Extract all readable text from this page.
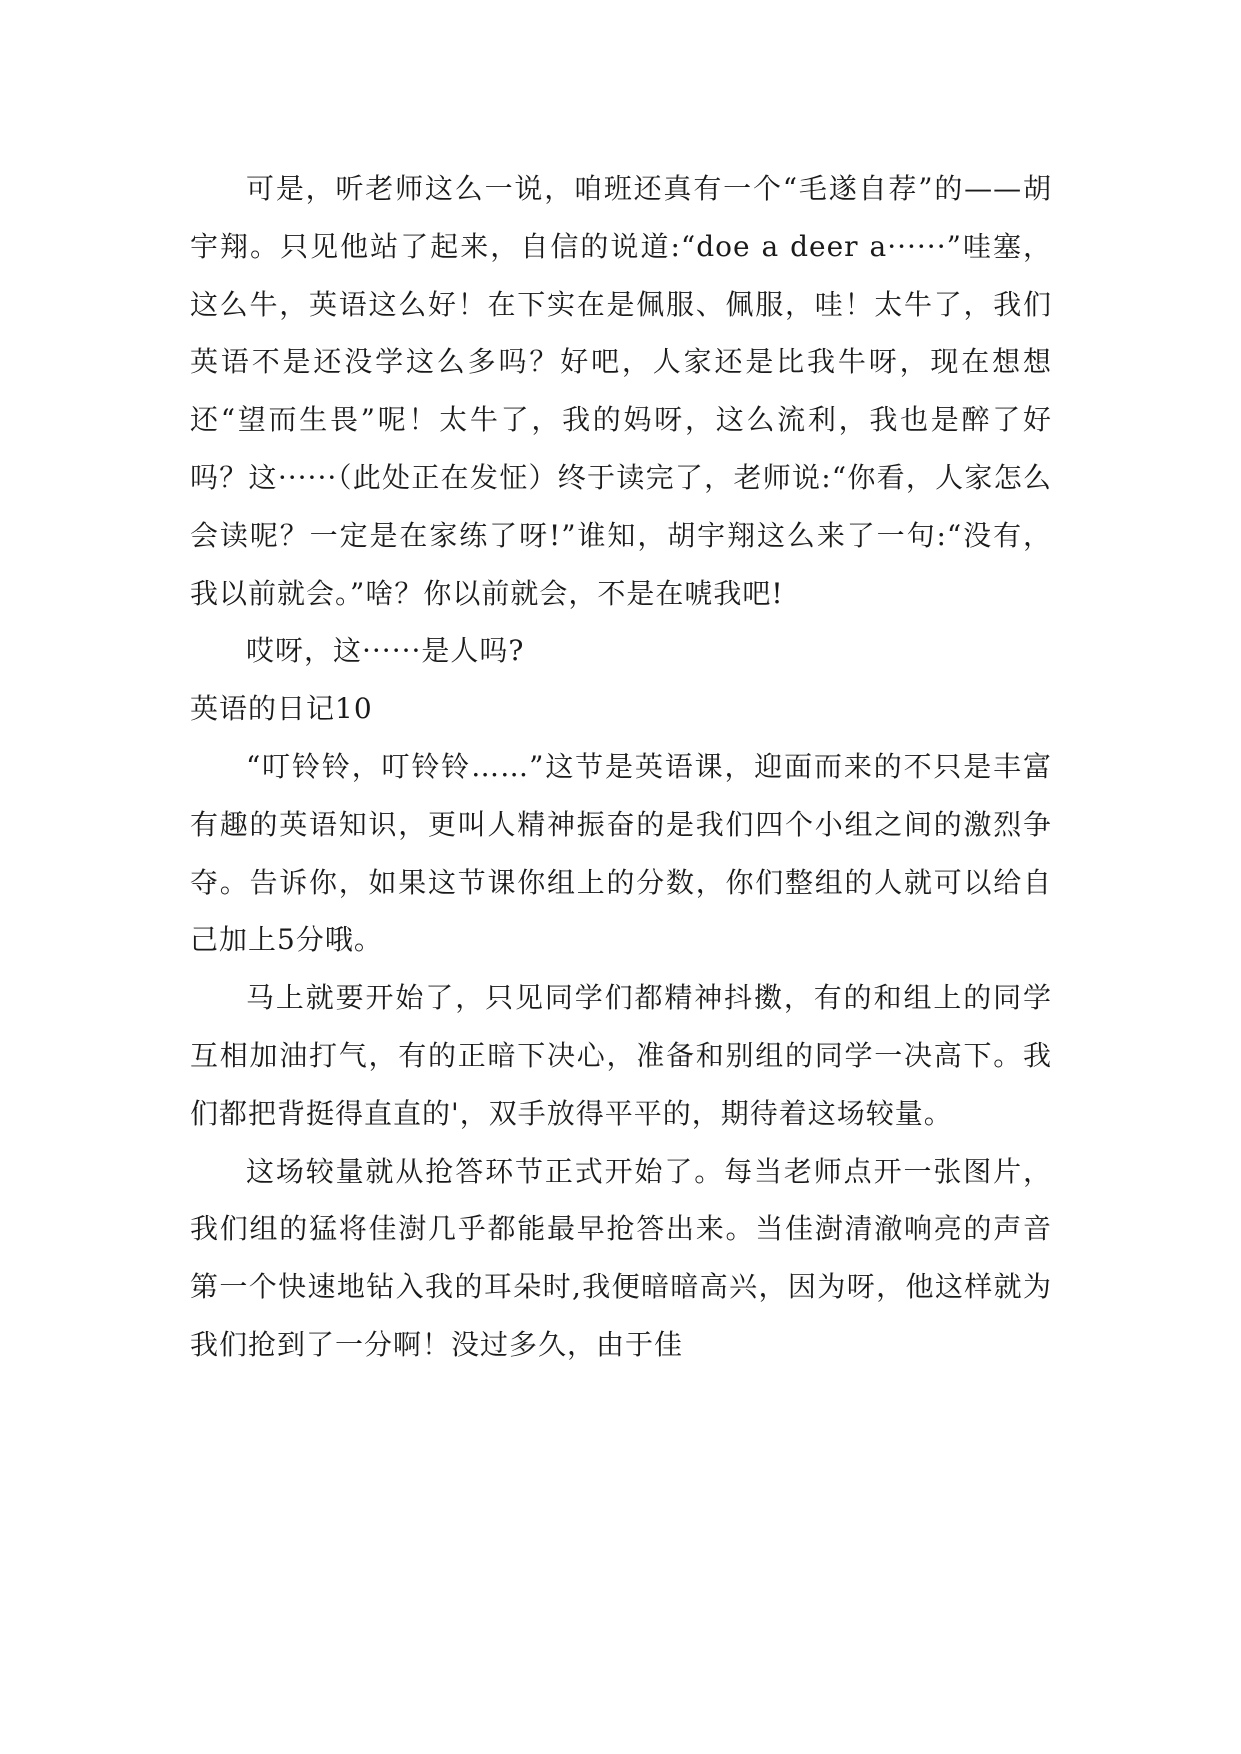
可是，听老师这么一说，咱班还真有一个“毛遂自荐”的——胡宇翔。只见他站了起来，自信的说道:“doe a deer a······”哇塞，这么牛，英语这么好！在下实在是佩服、佩服，哇！太牛了，我们英语不是还没学这么多吗？好吧，人家还是比我牛呀，现在想想还“望而生畏”呢！太牛了，我的妈呀，这么流利，我也是醉了好吗？这······（此处正在发怔）终于读完了，老师说:“你看，人家怎么会读呢？一定是在家练了呀!”谁知，胡宇翔这么来了一句:“没有，我以前就会。”啥？你以前就会，不是在唬我吧!

哎呀，这······是人吗?

英语的日记10

“叮铃铃，叮铃铃……”这节是英语课，迎面而来的不只是丰富有趣的英语知识，更叫人精神振奋的是我们四个小组之间的激烈争夺。告诉你，如果这节课你组上的分数，你们整组的人就可以给自己加上5分哦。

马上就要开始了，只见同学们都精神抖擞，有的和组上的同学互相加油打气，有的正暗下决心，准备和别组的同学一决高下。我们都把背挺得直直的'，双手放得平平的，期待着这场较量。

这场较量就从抢答环节正式开始了。每当老师点开一张图片，我们组的猛将佳澍几乎都能最早抢答出来。当佳澍清澈响亮的声音第一个快速地钻入我的耳朵时,我便暗暗高兴，因为呀，他这样就为我们抢到了一分啊！没过多久，由于佳
